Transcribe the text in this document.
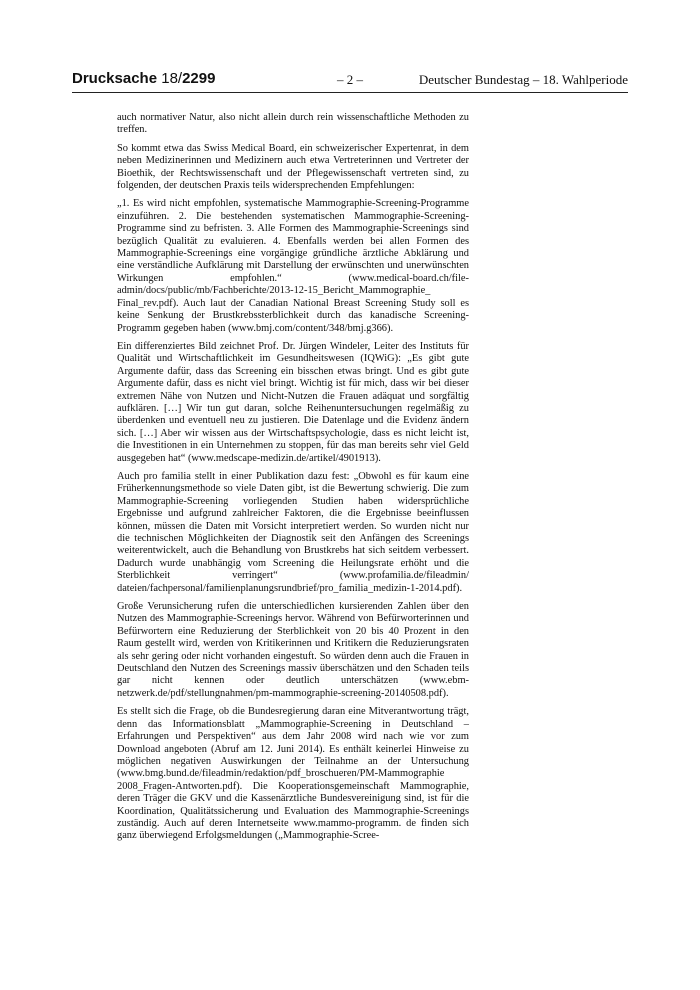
Drucksache 18/2299	– 2 –	Deutscher Bundestag – 18. Wahlperiode

auch normativer Natur, also nicht allein durch rein wissenschaftliche Methoden zu treffen.

So kommt etwa das Swiss Medical Board, ein schweizerischer Expertenrat, in dem neben Medizinerinnen und Medizinern auch etwa Vertreterinnen und Vertreter der Bioethik, der Rechtswissenschaft und der Pflegewissenschaft vertreten sind, zu folgenden, der deutschen Praxis teils widersprechenden Empfehlungen:

„1. Es wird nicht empfohlen, systematische Mammographie-Screening-Programme einzuführen. 2. Die bestehenden systematischen Mammographie-Screening-Programme sind zu befristen. 3. Alle Formen des Mammographie-Screenings sind bezüglich Qualität zu evaluieren. 4. Ebenfalls werden bei allen Formen des Mammographie-Screenings eine vorgängige gründliche ärztliche Abklärung und eine verständliche Aufklärung mit Darstellung der erwünschten und unerwünschten Wirkungen empfohlen.“ (www.medical-board.ch/file-admin/docs/public/mb/Fachberichte/2013-12-15_Bericht_Mammographie_ Final_rev.pdf). Auch laut der Canadian National Breast Screening Study soll es keine Senkung der Brustkrebssterblichkeit durch das kanadische Screening-Programm gegeben haben (www.bmj.com/content/348/bmj.g366).

Ein differenziertes Bild zeichnet Prof. Dr. Jürgen Windeler, Leiter des Instituts für Qualität und Wirtschaftlichkeit im Gesundheitswesen (IQWiG): „Es gibt gute Argumente dafür, dass das Screening ein bisschen etwas bringt. Und es gibt gute Argumente dafür, dass es nicht viel bringt. Wichtig ist für mich, dass wir bei dieser extremen Nähe von Nutzen und Nicht-Nutzen die Frauen adäquat und sorgfältig aufklären. […] Wir tun gut daran, solche Reihenuntersuchungen regelmäßig zu überdenken und eventuell neu zu justieren. Die Datenlage und die Evidenz ändern sich. […] Aber wir wissen aus der Wirtschaftspsychologie, dass es nicht leicht ist, die Investitionen in ein Unternehmen zu stoppen, für das man bereits sehr viel Geld ausgegeben hat“ (www.medscape-medizin.de/artikel/4901913).

Auch pro familia stellt in einer Publikation dazu fest: „Obwohl es für kaum eine Früherkennungsmethode so viele Daten gibt, ist die Bewertung schwierig. Die zum Mammographie-Screening vorliegenden Studien haben widersprüchliche Ergebnisse und aufgrund zahlreicher Faktoren, die die Ergebnisse beeinflussen können, müssen die Daten mit Vorsicht interpretiert werden. So wurden nicht nur die technischen Möglichkeiten der Diagnostik seit den Anfängen des Screenings weiterentwickelt, auch die Behandlung von Brustkrebs hat sich seitdem verbessert. Dadurch wurde unabhängig vom Screening die Heilungsrate erhöht und die Sterblichkeit verringert“ (www.profamilia.de/fileadmin/ dateien/fachpersonal/familienplanungsrundbrief/pro_familia_medizin-1-2014.pdf).

Große Verunsicherung rufen die unterschiedlichen kursierenden Zahlen über den Nutzen des Mammographie-Screenings hervor. Während von Befürworterinnen und Befürwortern eine Reduzierung der Sterblichkeit von 20 bis 40 Prozent in den Raum gestellt wird, werden von Kritikerinnen und Kritikern die Reduzierungsraten als sehr gering oder nicht vorhanden eingestuft. So würden denn auch die Frauen in Deutschland den Nutzen des Screenings massiv überschätzen und den Schaden teils gar nicht kennen oder deutlich unterschätzen (www.ebm-netzwerk.de/pdf/stellungnahmen/pm-mammographie-screening-20140508.pdf).

Es stellt sich die Frage, ob die Bundesregierung daran eine Mitverantwortung trägt, denn das Informationsblatt „Mammographie-Screening in Deutschland – Erfahrungen und Perspektiven“ aus dem Jahr 2008 wird nach wie vor zum Download angeboten (Abruf am 12. Juni 2014). Es enthält keinerlei Hinweise zu möglichen negativen Auswirkungen der Teilnahme an der Untersuchung (www.bmg.bund.de/fileadmin/redaktion/pdf_broschueren/PM-Mammographie 2008_Fragen-Antworten.pdf). Die Kooperationsgemeinschaft Mammographie, deren Träger die GKV und die Kassenärztliche Bundesvereinigung sind, ist für die Koordination, Qualitätssicherung und Evaluation des Mammographie-Screenings zuständig. Auch auf deren Internetseite www.mammo-programm. de finden sich ganz überwiegend Erfolgsmeldungen („Mammographie-Scree-
